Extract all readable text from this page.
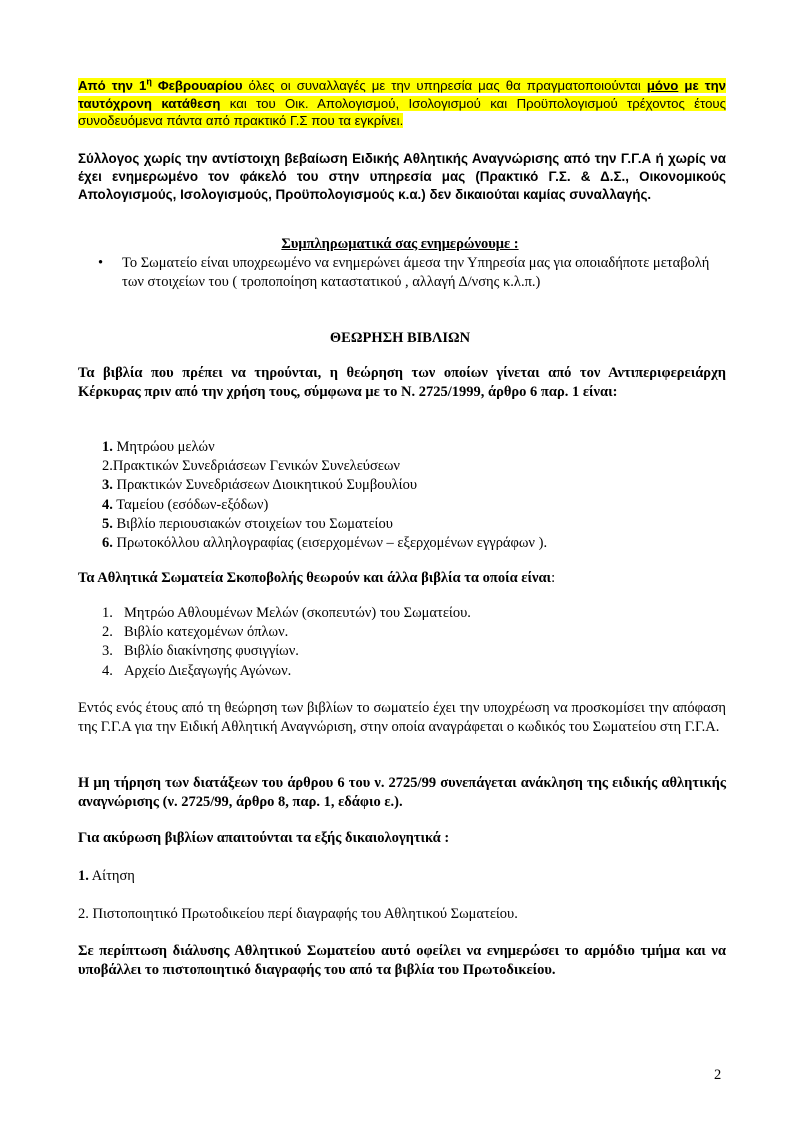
Από την $1^\eta$ Φεβρουαρίου όλες οι συναλλαγές με την υπηρεσία μας θα πραγματοποιούνται μόνο με την ταυτόχρονη κατάθεση και του Οικ. Απολογισμού, Ισολογισμού και Προϋπολογισμού τρέχοντος έτους συνοδευόμενα πάντα από πρακτικό Γ.Σ που τα εγκρίνει.
Σύλλογος χωρίς την αντίστοιχη βεβαίωση Ειδικής Αθλητικής Αναγνώρισης από την Γ.Γ.Α ή χωρίς να έχει ενημερωμένο τον φάκελό του στην υπηρεσία μας (Πρακτικό Γ.Σ. & Δ.Σ., Οικονομικούς Απολογισμούς, Ισολογισμούς, Προϋπολογισμούς κ.α.) δεν δικαιούται καμίας συναλλαγής.
Συμπληρωματικά σας ενημερώνουμε :
• Το Σωματείο είναι υποχρεωμένο να ενημερώνει άμεσα την Υπηρεσία μας για οποιαδήποτε μεταβολή των στοιχείων του ( τροποποίηση καταστατικού , αλλαγή Δ/νσης κ.λ.π.)
ΘΕΩΡΗΣΗ ΒΙΒΛΙΩΝ
Τα βιβλία που πρέπει να τηρούνται, η θεώρηση των οποίων γίνεται από τον Αντιπεριφερειάρχη Κέρκυρας πριν από την χρήση τους, σύμφωνα με το Ν. 2725/1999, άρθρο 6 παρ. 1 είναι:
1. Μητρώου μελών
2.Πρακτικών Συνεδριάσεων Γενικών Συνελεύσεων
3. Πρακτικών Συνεδριάσεων Διοικητικού Συμβουλίου
4. Ταμείου (εσόδων-εξόδων)
5. Βιβλίο περιουσιακών στοιχείων του Σωματείου
6. Πρωτοκόλλου αλληλογραφίας (εισερχομένων – εξερχομένων εγγράφων ).
Τα Αθλητικά Σωματεία Σκοποβολής θεωρούν και άλλα βιβλία τα οποία είναι:
1. Μητρώο Αθλουμένων Μελών (σκοπευτών) του Σωματείου.
2. Βιβλίο κατεχομένων όπλων.
3. Βιβλίο διακίνησης φυσιγγίων.
4. Αρχείο Διεξαγωγής Αγώνων.
Εντός ενός έτους από τη θεώρηση των βιβλίων το σωματείο έχει την υποχρέωση να προσκομίσει την απόφαση της Γ.Γ.Α για την Ειδική Αθλητική Αναγνώριση, στην οποία αναγράφεται ο κωδικός του Σωματείου στη Γ.Γ.Α.
Η μη τήρηση των διατάξεων του άρθρου 6 του ν. 2725/99 συνεπάγεται ανάκληση της ειδικής αθλητικής αναγνώρισης (ν. 2725/99, άρθρο 8, παρ. 1, εδάφιο ε.).
Για ακύρωση βιβλίων απαιτούνται τα εξής δικαιολογητικά :
1. Αίτηση
2. Πιστοποιητικό Πρωτοδικείου περί διαγραφής του Αθλητικού Σωματείου.
Σε περίπτωση διάλυσης Αθλητικού Σωματείου αυτό οφείλει να ενημερώσει το αρμόδιο τμήμα και να υποβάλλει το πιστοποιητικό διαγραφής του από τα βιβλία του Πρωτοδικείου.
2
